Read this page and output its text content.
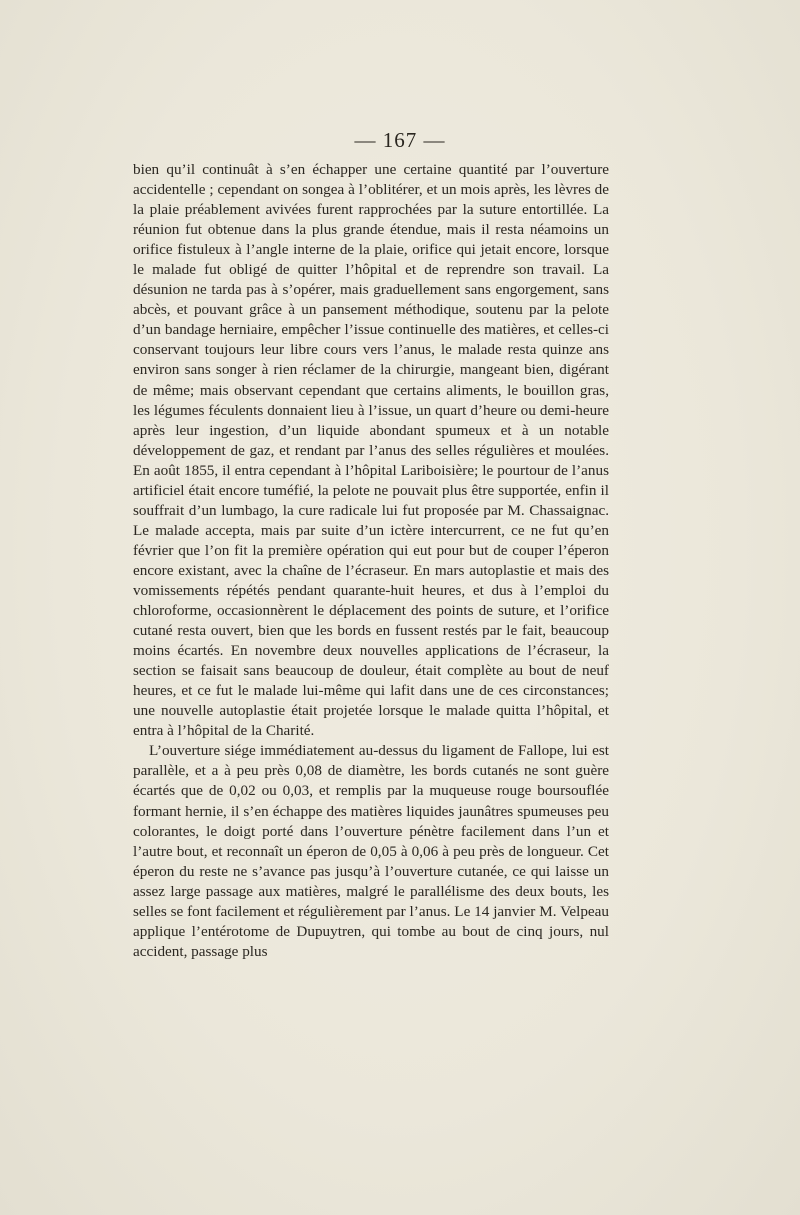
— 167 —

bien qu’il continuât à s’en échapper une certaine quantité par l’ouverture accidentelle ; cependant on songea à l’oblitérer, et un mois après, les lèvres de la plaie préablement avivées furent rapprochées par la suture entortillée. La réunion fut obtenue dans la plus grande étendue, mais il resta néamoins un orifice fistuleux à l’angle interne de la plaie, orifice qui jetait encore, lorsque le malade fut obligé de quitter l’hôpital et de reprendre son travail. La désunion ne tarda pas à s’opérer, mais graduellement sans engorgement, sans abcès, et pouvant grâce à un pansement méthodique, soutenu par la pelote d’un bandage herniaire, empêcher l’issue continuelle des matières, et celles-ci conservant toujours leur libre cours vers l’anus, le malade resta quinze ans environ sans songer à rien réclamer de la chirurgie, mangeant bien, digérant de même; mais observant cependant que certains aliments, le bouillon gras, les légumes féculents donnaient lieu à l’issue, un quart d’heure ou demi-heure après leur ingestion, d’un liquide abondant spumeux et à un notable développement de gaz, et rendant par l’anus des selles régulières et moulées. En août 1855, il entra cependant à l’hôpital Lariboisière; le pourtour de l’anus artificiel était encore tuméfié, la pelote ne pouvait plus être supportée, enfin il souffrait d’un lumbago, la cure radicale lui fut proposée par M. Chassaignac. Le malade accepta, mais par suite d’un ictère intercurrent, ce ne fut qu’en février que l’on fit la première opération qui eut pour but de couper l’éperon encore existant, avec la chaîne de l’écraseur. En mars autoplastie et mais des vomissements répétés pendant quarante-huit heures, et dus à l’emploi du chloroforme, occasionnèrent le déplacement des points de suture, et l’orifice cutané resta ouvert, bien que les bords en fussent restés par le fait, beaucoup moins écartés. En novembre deux nouvelles applications de l’écraseur, la section se faisait sans beaucoup de douleur, était complète au bout de neuf heures, et ce fut le malade lui-même qui lafit dans une de ces circonstances; une nouvelle autoplastie était projetée lorsque le malade quitta l’hôpital, et entra à l’hôpital de la Charité.

L’ouverture siége immédiatement au-dessus du ligament de Fallope, lui est parallèle, et a à peu près 0,08 de diamètre, les bords cutanés ne sont guère écartés que de 0,02 ou 0,03, et remplis par la muqueuse rouge boursouflée formant hernie, il s’en échappe des matières liquides jaunâtres spumeuses peu colorantes, le doigt porté dans l’ouverture pénètre facilement dans l’un et l’autre bout, et reconnaît un éperon de 0,05 à 0,06 à peu près de longueur. Cet éperon du reste ne s’avance pas jusqu’à l’ouverture cutanée, ce qui laisse un assez large passage aux matières, malgré le parallélisme des deux bouts, les selles se font facilement et régulièrement par l’anus. Le 14 janvier M. Velpeau applique l’entérotome de Dupuytren, qui tombe au bout de cinq jours, nul accident, passage plus
